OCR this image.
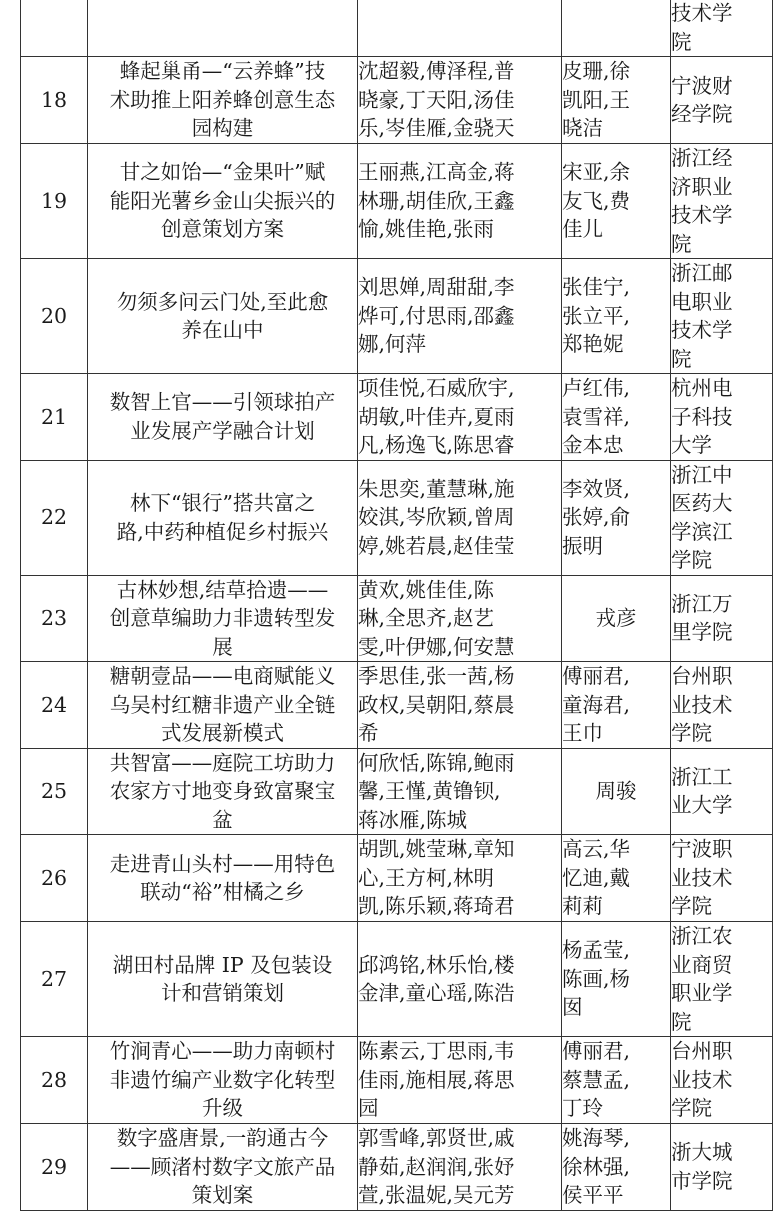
				技术学
院

18	蜂起巢甬—“云养蜂”技
术助推上阳养蜂创意生态
园构建	沈超毅,傅泽程,普
晓豪,丁天阳,汤佳
乐,岑佳雁,金骁天	皮珊,徐
凯阳,王
晓洁	宁波财
经学院

19	甘之如饴—“金果叶”赋
能阳光薯乡金山尖振兴的
创意策划方案	王丽燕,江高金,蒋
林珊,胡佳欣,王鑫
愉,姚佳艳,张雨	宋亚,余
友飞,费
佳儿	浙江经
济职业
技术学
院

20	勿须多问云门处,至此愈
养在山中	刘思婵,周甜甜,李
烨可,付思雨,邵鑫
娜,何萍	张佳宁,
张立平,
郑艳妮	浙江邮
电职业
技术学
院

21	数智上官——引领球拍产
业发展产学融合计划	项佳悦,石威欣宇,
胡敏,叶佳卉,夏雨
凡,杨逸飞,陈思睿	卢红伟,
袁雪祥,
金本忠	杭州电
子科技
大学

22	林下“银行”搭共富之
路,中药种植促乡村振兴	朱思奕,董慧琳,施
姣淇,岑欣颖,曾周
婷,姚若晨,赵佳莹	李效贤,
张婷,俞
振明	浙江中
医药大
学滨江
学院

23	古林妙想,结草拾遗——
创意草编助力非遗转型发
展	黄欢,姚佳佳,陈
琳,全思齐,赵艺
雯,叶伊娜,何安慧	戎彦	浙江万
里学院

24	糖朝壹品——电商赋能义
乌吴村红糖非遗产业全链
式发展新模式	季思佳,张一茜,杨
政权,吴朝阳,蔡晨
希	傅丽君,
童海君,
王巾	台州职
业技术
学院

25	共智富——庭院工坊助力
农家方寸地变身致富聚宝
盆	何欣恬,陈锦,鲍雨
馨,王慬,黄镥钡,
蒋冰雁,陈城	周骏	浙江工
业大学

26	走进青山头村——用特色
联动“裕”柑橘之乡	胡凯,姚莹琳,章知
心,王方柯,林明
凯,陈乐颖,蒋琦君	高云,华
忆迪,戴
莉莉	宁波职
业技术
学院

27	湖田村品牌 IP 及包装设
计和营销策划	邱鸿铭,林乐怡,楼
金津,童心瑶,陈浩	杨孟莹,
陈画,杨
囡	浙江农
业商贸
职业学
院

28	竹涧青心——助力南顿村
非遗竹编产业数字化转型
升级	陈素云,丁思雨,韦
佳雨,施相展,蒋思
园	傅丽君,
蔡慧孟,
丁玲	台州职
业技术
学院

29	数字盛唐景,一韵通古今
——顾渚村数字文旅产品
策划案	郭雪峰,郭贤世,戚
静茹,赵润润,张妤
萱,张温妮,吴元芳	姚海琴,
徐林强,
侯平平	浙大城
市学院
